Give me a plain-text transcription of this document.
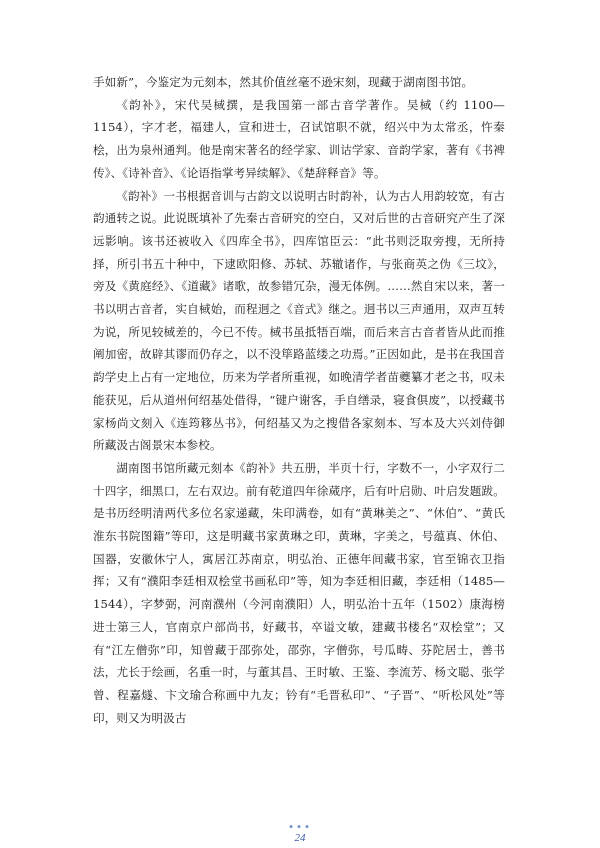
手如新”，今鉴定为元刻本，然其价值丝毫不逊宋刻，现藏于湖南图书馆。

《韵补》，宋代吴棫撰，是我国第一部古音学著作。吴棫（约 1100—1154），字才老，福建人，宣和进士，召试馆职不就，绍兴中为太常丞，忤秦桧，出为泉州通判。他是南宋著名的经学家、训诂学家、音韵学家，著有《书裨传》、《诗补音》、《论语指掌考异续解》、《楚辞释音》等。

《韵补》一书根据音训与古韵文以说明古时韵补，认为古人用韵较宽，有古韵通转之说。此说既填补了先秦古音研究的空白，又对后世的古音研究产生了深远影响。该书还被收入《四库全书》，四库馆臣云：“此书则泛取旁搜，无所持择，所引书五十种中，下逮欧阳修、苏轼、苏辙诸作，与张商英之伪《三坟》，旁及《黄庭经》、《道藏》诸歌，故参错冗杂，漫无体例。……然自宋以来，著一书以明古音者，实自棫始，而程迥之《音式》继之。迥书以三声通用，双声互转为说，所见较棫差的，今已不传。棫书虽抵牾百端，而后来言古音者皆从此而推阐加密，故辟其谬而仍存之，以不没筚路蓝缕之功焉。”正因如此，是书在我国音韵学史上占有一定地位，历来为学者所重视，如晚清学者苗夔纂才老之书，叹未能获见，后从道州何绍基处借得，“键户谢客，手自缮录，寝食俱废”，以授藏书家杨尚文刻入《连筠簃丛书》，何绍基又为之搜借各家刻本、写本及大兴刘侍御所藏汲古阁景宋本参校。

湖南图书馆所藏元刻本《韵补》共五册，半页十行，字数不一，小字双行二十四字，细黑口，左右双边。前有乾道四年徐蒇序，后有叶启勋、叶启发题跋。是书历经明清两代多位名家递藏，朱印满卷，如有“黄琳美之”、“休伯”、“黄氏淮东书院图籍”等印，这是明藏书家黄琳之印，黄琳，字美之，号蕴真、休伯、国器，安徽休宁人，寓居江苏南京，明弘治、正德年间藏书家，官至锦衣卫指挥；又有“濮阳李廷相双桧堂书画私印”等，知为李廷相旧藏，李廷相（1485—1544），字梦弼，河南濮州（今河南濮阳）人，明弘治十五年（1502）康海榜进士第三人，官南京户部尚书，好藏书，卒谥文敏，建藏书楼名“双桧堂”；又有“江左僧弥”印，知曾藏于邵弥处，邵弥，字僧弥，号瓜畴、芬陀居士，善书法，尤长于绘画，名重一时，与董其昌、王时敏、王鉴、李流芳、杨文聪、张学曾、程嘉燧、卞文瑜合称画中九友；钤有“毛晋私印”、“子晋”、“听松风处”等印，则又为明汲古

•••
24
